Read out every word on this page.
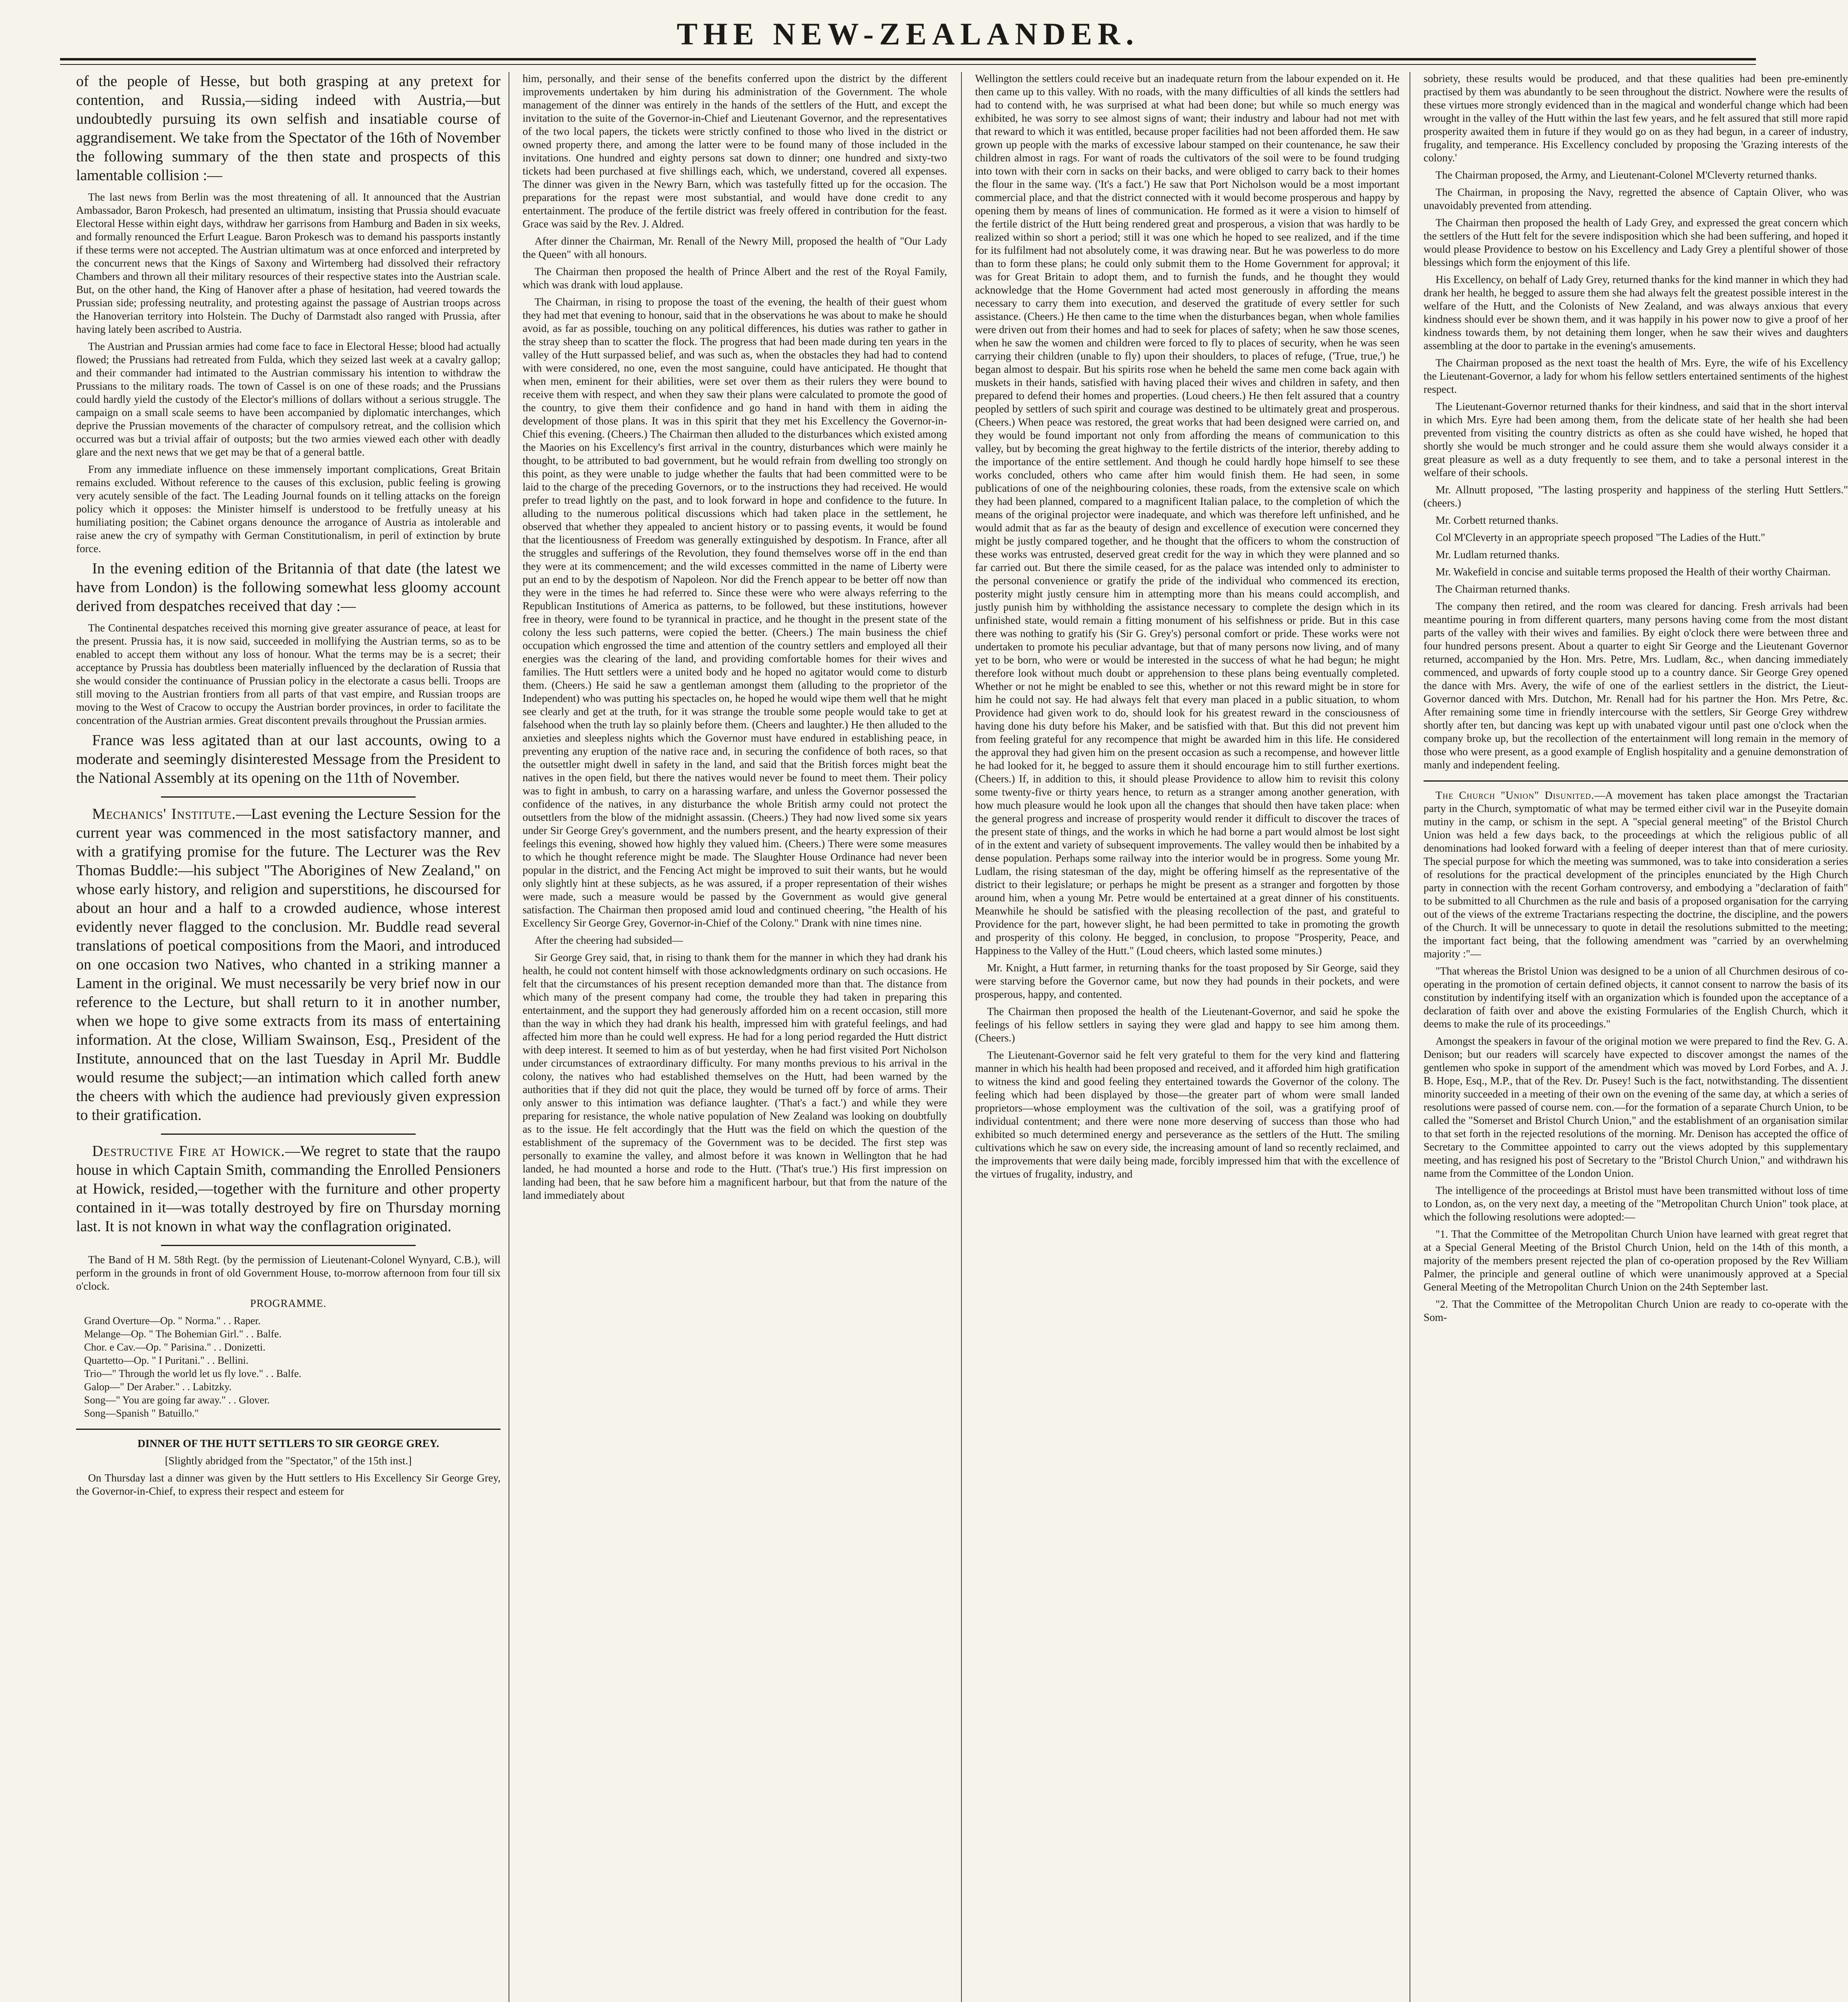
THE NEW-ZEALANDER.

of the people of Hesse, but both grasping at any pretext for contention, and Russia,—siding indeed with Austria,—but undoubtedly pursuing its own selfish and insatiable course of aggrandisement. We take from the Spectator of the 16th of November the following summary of the then state and prospects of this lamentable collision :—

The last news from Berlin was the most threatening of all. It announced that the Austrian Ambassador, Baron Prokesch, had presented an ultimatum, insisting that Prussia should evacuate Electoral Hesse within eight days, withdraw her garrisons from Hamburg and Baden in six weeks, and formally renounced the Erfurt League. Baron Prokesch was to demand his passports instantly if these terms were not accepted. The Austrian ultimatum was at once enforced and interpreted by the concurrent news that the Kings of Saxony and Wirtemberg had dissolved their refractory Chambers and thrown all their military resources of their respective states into the Austrian scale. But, on the other hand, the King of Hanover after a phase of hesitation, had veered towards the Prussian side; professing neutrality, and protesting against the passage of Austrian troops across the Hanoverian territory into Holstein. The Duchy of Darmstadt also ranged with Prussia, after having lately been ascribed to Austria.

The Austrian and Prussian armies had come face to face in Electoral Hesse; blood had actually flowed; the Prussians had retreated from Fulda, which they seized last week at a cavalry gallop; and their commander had intimated to the Austrian commissary his intention to withdraw the Prussians to the military roads. The town of Cassel is on one of these roads; and the Prussians could hardly yield the custody of the Elector's millions of dollars without a serious struggle. The campaign on a small scale seems to have been accompanied by diplomatic interchanges, which deprive the Prussian movements of the character of compulsory retreat, and the collision which occurred was but a trivial affair of outposts; but the two armies viewed each other with deadly glare and the next news that we get may be that of a general battle.

From any immediate influence on these immensely important complications, Great Britain remains excluded. Without reference to the causes of this exclusion, public feeling is growing very acutely sensible of the fact. The Leading Journal founds on it telling attacks on the foreign policy which it opposes: the Minister himself is understood to be fretfully uneasy at his humiliating position; the Cabinet organs denounce the arrogance of Austria as intolerable and raise anew the cry of sympathy with German Constitutionalism, in peril of extinction by brute force.

In the evening edition of the Britannia of that date (the latest we have from London) is the following somewhat less gloomy account derived from despatches received that day :—

The Continental despatches received this morning give greater assurance of peace, at least for the present. Prussia has, it is now said, succeeded in mollifying the Austrian terms, so as to be enabled to accept them without any loss of honour. What the terms may be is a secret; their acceptance by Prussia has doubtless been materially influenced by the declaration of Russia that she would consider the continuance of Prussian policy in the electorate a casus belli. Troops are still moving to the Austrian frontiers from all parts of that vast empire, and Russian troops are moving to the West of Cracow to occupy the Austrian border provinces, in order to facilitate the concentration of the Austrian armies. Great discontent prevails throughout the Prussian armies.

France was less agitated than at our last accounts, owing to a moderate and seemingly disinterested Message from the President to the National Assembly at its opening on the 11th of November.

Mechanics' Institute.—Last evening the Lecture Session for the current year was commenced in the most satisfactory manner, and with a gratifying promise for the future. The Lecturer was the Rev Thomas Buddle:—his subject "The Aborigines of New Zealand," on whose early history, and religion and superstitions, he discoursed for about an hour and a half to a crowded audience, whose interest evidently never flagged to the conclusion. Mr. Buddle read several translations of poetical compositions from the Maori, and introduced on one occasion two Natives, who chanted in a striking manner a Lament in the original. We must necessarily be very brief now in our reference to the Lecture, but shall return to it in another number, when we hope to give some extracts from its mass of entertaining information. At the close, William Swainson, Esq., President of the Institute, announced that on the last Tuesday in April Mr. Buddle would resume the subject;—an intimation which called forth anew the cheers with which the audience had previously given expression to their gratification.

Destructive Fire at Howick.—We regret to state that the raupo house in which Captain Smith, commanding the Enrolled Pensioners at Howick, resided,—together with the furniture and other property contained in it—was totally destroyed by fire on Thursday morning last. It is not known in what way the conflagration originated.

The Band of H M. 58th Regt. (by the permission of Lieutenant-Colonel Wynyard, C.B.), will perform in the grounds in front of old Government House, to-morrow afternoon from four till six o'clock.

PROGRAMME.

Grand Overture—Op. " Norma." . . Raper.
Melange—Op. " The Bohemian Girl." . . Balfe.
Chor. e Cav.—Op. " Parisina." . . Donizetti.
Quartetto—Op. " I Puritani." . . Bellini.
Trio—" Through the world let us fly love." . . Balfe.
Galop—" Der Araber." . . Labitzky.
Song—" You are going far away." . . Glover.
Song—Spanish " Batuillo."

DINNER OF THE HUTT SETTLERS TO SIR GEORGE GREY.

[Slightly abridged from the "Spectator," of the 15th inst.]

On Thursday last a dinner was given by the Hutt settlers to His Excellency Sir George Grey, the Governor-in-Chief, to express their respect and esteem for

him, personally, and their sense of the benefits conferred upon the district by the different improvements undertaken by him during his administration of the Government. The whole management of the dinner was entirely in the hands of the settlers of the Hutt, and except the invitation to the suite of the Governor-in-Chief and Lieutenant Governor, and the representatives of the two local papers, the tickets were strictly confined to those who lived in the district or owned property there, and among the latter were to be found many of those included in the invitations. One hundred and eighty persons sat down to dinner; one hundred and sixty-two tickets had been purchased at five shillings each, which, we understand, covered all expenses. The dinner was given in the Newry Barn, which was tastefully fitted up for the occasion. The preparations for the repast were most substantial, and would have done credit to any entertainment. The produce of the fertile district was freely offered in contribution for the feast. Grace was said by the Rev. J. Aldred.

After dinner the Chairman, Mr. Renall of the Newry Mill, proposed the health of "Our Lady the Queen" with all honours.

The Chairman then proposed the health of Prince Albert and the rest of the Royal Family, which was drank with loud applause.

The Chairman, in rising to propose the toast of the evening, the health of their guest whom they had met that evening to honour, said that in the observations he was about to make he should avoid, as far as possible, touching on any political differences, his duties was rather to gather in the stray sheep than to scatter the flock. The progress that had been made during ten years in the valley of the Hutt surpassed belief, and was such as, when the obstacles they had had to contend with were considered, no one, even the most sanguine, could have anticipated. He thought that when men, eminent for their abilities, were set over them as their rulers they were bound to receive them with respect, and when they saw their plans were calculated to promote the good of the country, to give them their confidence and go hand in hand with them in aiding the development of those plans. It was in this spirit that they met his Excellency the Governor-in-Chief this evening. (Cheers.) The Chairman then alluded to the disturbances which existed among the Maories on his Excellency's first arrival in the country, disturbances which were mainly he thought, to be attributed to bad government, but he would refrain from dwelling too strongly on this point, as they were unable to judge whether the faults that had been committed were to be laid to the charge of the preceding Governors, or to the instructions they had received. He would prefer to tread lightly on the past, and to look forward in hope and confidence to the future. In alluding to the numerous political discussions which had taken place in the settlement, he observed that whether they appealed to ancient history or to passing events, it would be found that the licentiousness of Freedom was generally extinguished by despotism. In France, after all the struggles and sufferings of the Revolution, they found themselves worse off in the end than they were at its commencement; and the wild excesses committed in the name of Liberty were put an end to by the despotism of Napoleon. Nor did the French appear to be better off now than they were in the times he had referred to. Since these were who were always referring to the Republican Institutions of America as patterns, to be followed, but these institutions, however free in theory, were found to be tyrannical in practice, and he thought in the present state of the colony the less such patterns, were copied the better. (Cheers.) The main business the chief occupation which engrossed the time and attention of the country settlers and employed all their energies was the clearing of the land, and providing comfortable homes for their wives and families. The Hutt settlers were a united body and he hoped no agitator would come to disturb them. (Cheers.) He said he saw a gentleman amongst them (alluding to the proprietor of the Independent) who was putting his spectacles on, he hoped he would wipe them well that he might see clearly and get at the truth, for it was strange the trouble some people would take to get at falsehood when the truth lay so plainly before them. (Cheers and laughter.) He then alluded to the anxieties and sleepless nights which the Governor must have endured in establishing peace, in preventing any eruption of the native race and, in securing the confidence of both races, so that the outsettler might dwell in safety in the land, and said that the British forces might beat the natives in the open field, but there the natives would never be found to meet them. Their policy was to fight in ambush, to carry on a harassing warfare, and unless the Governor possessed the confidence of the natives, in any disturbance the whole British army could not protect the outsettlers from the blow of the midnight assassin. (Cheers.) They had now lived some six years under Sir George Grey's government, and the numbers present, and the hearty expression of their feelings this evening, showed how highly they valued him. (Cheers.) There were some measures to which he thought reference might be made. The Slaughter House Ordinance had never been popular in the district, and the Fencing Act might be improved to suit their wants, but he would only slightly hint at these subjects, as he was assured, if a proper representation of their wishes were made, such a measure would be passed by the Government as would give general satisfaction. The Chairman then proposed amid loud and continued cheering, "the Health of his Excellency Sir George Grey, Governor-in-Chief of the Colony." Drank with nine times nine.

After the cheering had subsided—

Sir George Grey said, that, in rising to thank them for the manner in which they had drank his health, he could not content himself with those acknowledgments ordinary on such occasions. He felt that the circumstances of his present reception demanded more than that. The distance from which many of the present company had come, the trouble they had taken in preparing this entertainment, and the support they had generously afforded him on a recent occasion, still more than the way in which they had drank his health, impressed him with grateful feelings, and had affected him more than he could well express. He had for a long period regarded the Hutt district with deep interest. It seemed to him as of but yesterday, when he had first visited Port Nicholson under circumstances of extraordinary difficulty. For many months previous to his arrival in the colony, the natives who had established themselves on the Hutt, had been warned by the authorities that if they did not quit the place, they would be turned off by force of arms. Their only answer to this intimation was defiance laughter. ('That's a fact.') and while they were preparing for resistance, the whole native population of New Zealand was looking on doubtfully as to the issue. He felt accordingly that the Hutt was the field on which the question of the establishment of the supremacy of the Government was to be decided. The first step was personally to examine the valley, and almost before it was known in Wellington that he had landed, he had mounted a horse and rode to the Hutt. ('That's true.') His first impression on landing had been, that he saw before him a magnificent harbour, but that from the nature of the land immediately about

Wellington the settlers could receive but an inadequate return from the labour expended on it. He then came up to this valley. With no roads, with the many difficulties of all kinds the settlers had had to contend with, he was surprised at what had been done; but while so much energy was exhibited, he was sorry to see almost signs of want; their industry and labour had not met with that reward to which it was entitled, because proper facilities had not been afforded them. He saw grown up people with the marks of excessive labour stamped on their countenance, he saw their children almost in rags. For want of roads the cultivators of the soil were to be found trudging into town with their corn in sacks on their backs, and were obliged to carry back to their homes the flour in the same way. ('It's a fact.') He saw that Port Nicholson would be a most important commercial place, and that the district connected with it would become prosperous and happy by opening them by means of lines of communication. He formed as it were a vision to himself of the fertile district of the Hutt being rendered great and prosperous, a vision that was hardly to be realized within so short a period; still it was one which he hoped to see realized, and if the time for its fulfilment had not absolutely come, it was drawing near. But he was powerless to do more than to form these plans; he could only submit them to the Home Government for approval; it was for Great Britain to adopt them, and to furnish the funds, and he thought they would acknowledge that the Home Government had acted most generously in affording the means necessary to carry them into execution, and deserved the gratitude of every settler for such assistance. (Cheers.) He then came to the time when the disturbances began, when whole families were driven out from their homes and had to seek for places of safety; when he saw those scenes, when he saw the women and children were forced to fly to places of security, when he was seen carrying their children (unable to fly) upon their shoulders, to places of refuge, ('True, true,') he began almost to despair. But his spirits rose when he beheld the same men come back again with muskets in their hands, satisfied with having placed their wives and children in safety, and then prepared to defend their homes and properties. (Loud cheers.) He then felt assured that a country peopled by settlers of such spirit and courage was destined to be ultimately great and prosperous. (Cheers.) When peace was restored, the great works that had been designed were carried on, and they would be found important not only from affording the means of communication to this valley, but by becoming the great highway to the fertile districts of the interior, thereby adding to the importance of the entire settlement. And though he could hardly hope himself to see these works concluded, others who came after him would finish them. He had seen, in some publications of one of the neighbouring colonies, these roads, from the extensive scale on which they had been planned, compared to a magnificent Italian palace, to the completion of which the means of the original projector were inadequate, and which was therefore left unfinished, and he would admit that as far as the beauty of design and excellence of execution were concerned they might be justly compared together, and he thought that the officers to whom the construction of these works was entrusted, deserved great credit for the way in which they were planned and so far carried out. But there the simile ceased, for as the palace was intended only to administer to the personal convenience or gratify the pride of the individual who commenced its erection, posterity might justly censure him in attempting more than his means could accomplish, and justly punish him by withholding the assistance necessary to complete the design which in its unfinished state, would remain a fitting monument of his selfishness or pride. But in this case there was nothing to gratify his (Sir G. Grey's) personal comfort or pride. These works were not undertaken to promote his peculiar advantage, but that of many persons now living, and of many yet to be born, who were or would be interested in the success of what he had begun; he might therefore look without much doubt or apprehension to these plans being eventually completed. Whether or not he might be enabled to see this, whether or not this reward might be in store for him he could not say. He had always felt that every man placed in a public situation, to whom Providence had given work to do, should look for his greatest reward in the consciousness of having done his duty before his Maker, and be satisfied with that. But this did not prevent him from feeling grateful for any recompence that might be awarded him in this life. He considered the approval they had given him on the present occasion as such a recompense, and however little he had looked for it, he begged to assure them it should encourage him to still further exertions. (Cheers.) If, in addition to this, it should please Providence to allow him to revisit this colony some twenty-five or thirty years hence, to return as a stranger among another generation, with how much pleasure would he look upon all the changes that should then have taken place: when the general progress and increase of prosperity would render it difficult to discover the traces of the present state of things, and the works in which he had borne a part would almost be lost sight of in the extent and variety of subsequent improvements. The valley would then be inhabited by a dense population. Perhaps some railway into the interior would be in progress. Some young Mr. Ludlam, the rising statesman of the day, might be offering himself as the representative of the district to their legislature; or perhaps he might be present as a stranger and forgotten by those around him, when a young Mr. Petre would be entertained at a great dinner of his constituents. Meanwhile he should be satisfied with the pleasing recollection of the past, and grateful to Providence for the part, however slight, he had been permitted to take in promoting the growth and prosperity of this colony. He begged, in conclusion, to propose "Prosperity, Peace, and Happiness to the Valley of the Hutt." (Loud cheers, which lasted some minutes.)

Mr. Knight, a Hutt farmer, in returning thanks for the toast proposed by Sir George, said they were starving before the Governor came, but now they had pounds in their pockets, and were prosperous, happy, and contented.

The Chairman then proposed the health of the Lieutenant-Governor, and said he spoke the feelings of his fellow settlers in saying they were glad and happy to see him among them. (Cheers.)

The Lieutenant-Governor said he felt very grateful to them for the very kind and flattering manner in which his health had been proposed and received, and it afforded him high gratification to witness the kind and good feeling they entertained towards the Governor of the colony. The feeling which had been displayed by those—the greater part of whom were small landed proprietors—whose employment was the cultivation of the soil, was a gratifying proof of individual contentment; and there were none more deserving of success than those who had exhibited so much determined energy and perseverance as the settlers of the Hutt. The smiling cultivations which he saw on every side, the increasing amount of land so recently reclaimed, and the improvements that were daily being made, forcibly impressed him that with the excellence of the virtues of frugality, industry, and

sobriety, these results would be produced, and that these qualities had been pre-eminently practised by them was abundantly to be seen throughout the district. Nowhere were the results of these virtues more strongly evidenced than in the magical and wonderful change which had been wrought in the valley of the Hutt within the last few years, and he felt assured that still more rapid prosperity awaited them in future if they would go on as they had begun, in a career of industry, frugality, and temperance. His Excellency concluded by proposing the 'Grazing interests of the colony.'

The Chairman proposed, the Army, and Lieutenant-Colonel M'Cleverty returned thanks.

The Chairman, in proposing the Navy, regretted the absence of Captain Oliver, who was unavoidably prevented from attending.

The Chairman then proposed the health of Lady Grey, and expressed the great concern which the settlers of the Hutt felt for the severe indisposition which she had been suffering, and hoped it would please Providence to bestow on his Excellency and Lady Grey a plentiful shower of those blessings which form the enjoyment of this life.

His Excellency, on behalf of Lady Grey, returned thanks for the kind manner in which they had drank her health, he begged to assure them she had always felt the greatest possible interest in the welfare of the Hutt, and the Colonists of New Zealand, and was always anxious that every kindness should ever be shown them, and it was happily in his power now to give a proof of her kindness towards them, by not detaining them longer, when he saw their wives and daughters assembling at the door to partake in the evening's amusements.

The Chairman proposed as the next toast the health of Mrs. Eyre, the wife of his Excellency the Lieutenant-Governor, a lady for whom his fellow settlers entertained sentiments of the highest respect.

The Lieutenant-Governor returned thanks for their kindness, and said that in the short interval in which Mrs. Eyre had been among them, from the delicate state of her health she had been prevented from visiting the country districts as often as she could have wished, he hoped that shortly she would be much stronger and he could assure them she would always consider it a great pleasure as well as a duty frequently to see them, and to take a personal interest in the welfare of their schools.

Mr. Allnutt proposed, "The lasting prosperity and happiness of the sterling Hutt Settlers." (cheers.)

Mr. Corbett returned thanks.

Col M'Cleverty in an appropriate speech proposed "The Ladies of the Hutt."

Mr. Ludlam returned thanks.

Mr. Wakefield in concise and suitable terms proposed the Health of their worthy Chairman.

The Chairman returned thanks.

The company then retired, and the room was cleared for dancing. Fresh arrivals had been meantime pouring in from different quarters, many persons having come from the most distant parts of the valley with their wives and families. By eight o'clock there were between three and four hundred persons present. About a quarter to eight Sir George and the Lieutenant Governor returned, accompanied by the Hon. Mrs. Petre, Mrs. Ludlam, &c., when dancing immediately commenced, and upwards of forty couple stood up to a country dance. Sir George Grey opened the dance with Mrs. Avery, the wife of one of the earliest settlers in the district, the Lieut-Governor danced with Mrs. Dutchon, Mr. Renall had for his partner the Hon. Mrs Petre, &c. After remaining some time in friendly intercourse with the settlers, Sir George Grey withdrew shortly after ten, but dancing was kept up with unabated vigour until past one o'clock when the company broke up, but the recollection of the entertainment will long remain in the memory of those who were present, as a good example of English hospitality and a genuine demonstration of manly and independent feeling.

The Church "Union" Disunited.—A movement has taken place amongst the Tractarian party in the Church, symptomatic of what may be termed either civil war in the Puseyite domain mutiny in the camp, or schism in the sept. A "special general meeting" of the Bristol Church Union was held a few days back, to the proceedings at which the religious public of all denominations had looked forward with a feeling of deeper interest than that of mere curiosity. The special purpose for which the meeting was summoned, was to take into consideration a series of resolutions for the practical development of the principles enunciated by the High Church party in connection with the recent Gorham controversy, and embodying a "declaration of faith" to be submitted to all Churchmen as the rule and basis of a proposed organisation for the carrying out of the views of the extreme Tractarians respecting the doctrine, the discipline, and the powers of the Church. It will be unnecessary to quote in detail the resolutions submitted to the meeting; the important fact being, that the following amendment was "carried by an overwhelming majority :"—

"That whereas the Bristol Union was designed to be a union of all Churchmen desirous of co-operating in the promotion of certain defined objects, it cannot consent to narrow the basis of its constitution by indentifying itself with an organization which is founded upon the acceptance of a declaration of faith over and above the existing Formularies of the English Church, which it deems to make the rule of its proceedings."

Amongst the speakers in favour of the original motion we were prepared to find the Rev. G. A. Denison; but our readers will scarcely have expected to discover amongst the names of the gentlemen who spoke in support of the amendment which was moved by Lord Forbes, and A. J. B. Hope, Esq., M.P., that of the Rev. Dr. Pusey! Such is the fact, notwithstanding. The dissentient minority succeeded in a meeting of their own on the evening of the same day, at which a series of resolutions were passed of course nem. con.—for the formation of a separate Church Union, to be called the "Somerset and Bristol Church Union," and the establishment of an organisation similar to that set forth in the rejected resolutions of the morning. Mr. Denison has accepted the office of Secretary to the Committee appointed to carry out the views adopted by this supplementary meeting, and has resigned his post of Secretary to the "Bristol Church Union," and withdrawn his name from the Committee of the London Union.

The intelligence of the proceedings at Bristol must have been transmitted without loss of time to London, as, on the very next day, a meeting of the "Metropolitan Church Union" took place, at which the following resolutions were adopted:—

"1. That the Committee of the Metropolitan Church Union have learned with great regret that at a Special General Meeting of the Bristol Church Union, held on the 14th of this month, a majority of the members present rejected the plan of co-operation proposed by the Rev William Palmer, the principle and general outline of which were unanimously approved at a Special General Meeting of the Metropolitan Church Union on the 24th September last.

"2. That the Committee of the Metropolitan Church Union are ready to co-operate with the Som-
